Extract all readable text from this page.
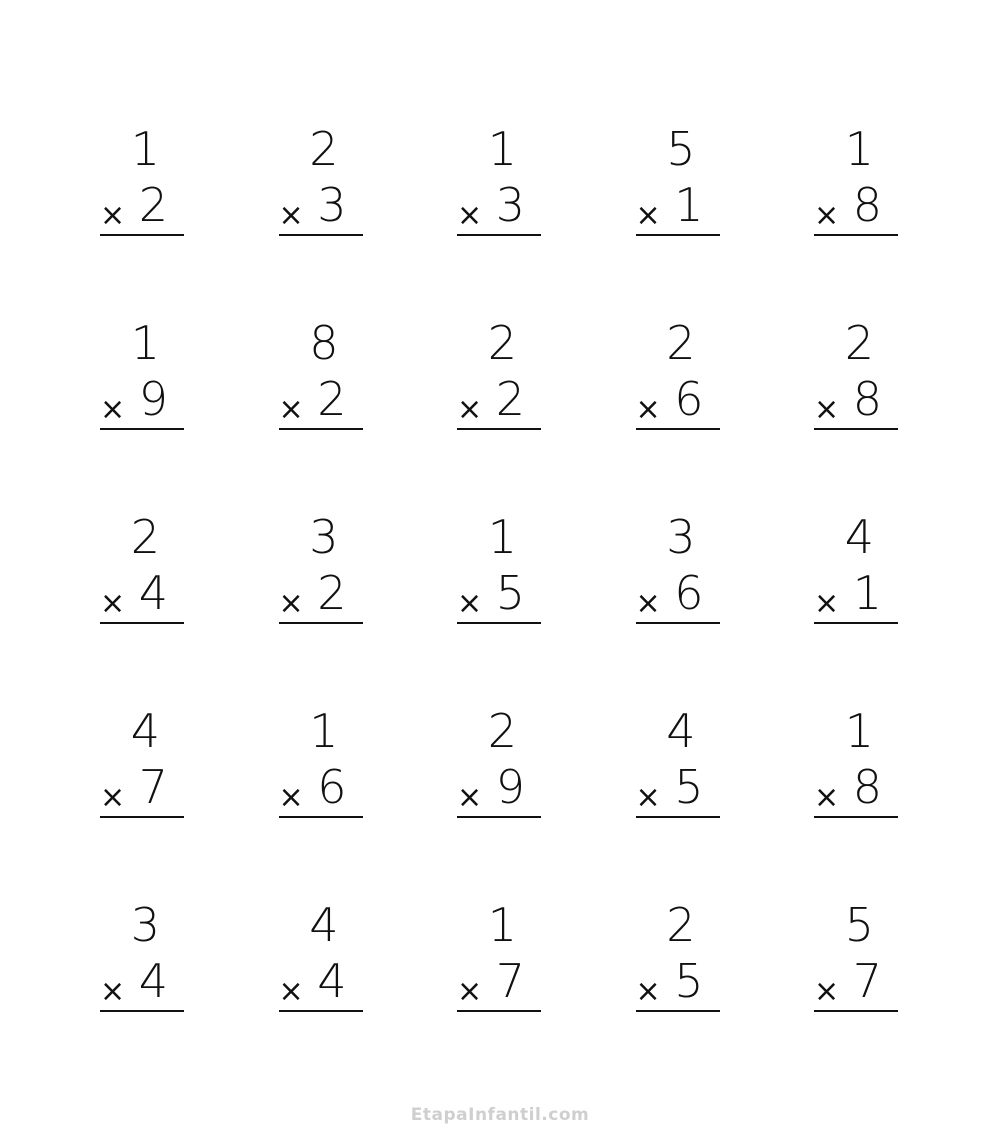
1
× 2
2
× 3
1
× 3
5
× 1
1
× 8
1
× 9
8
× 2
2
× 2
2
× 6
2
× 8
2
× 4
3
× 2
1
× 5
3
× 6
4
× 1
4
× 7
1
× 6
2
× 9
4
× 5
1
× 8
3
× 4
4
× 4
1
× 7
2
× 5
5
× 7
EtapaInfantil.com
